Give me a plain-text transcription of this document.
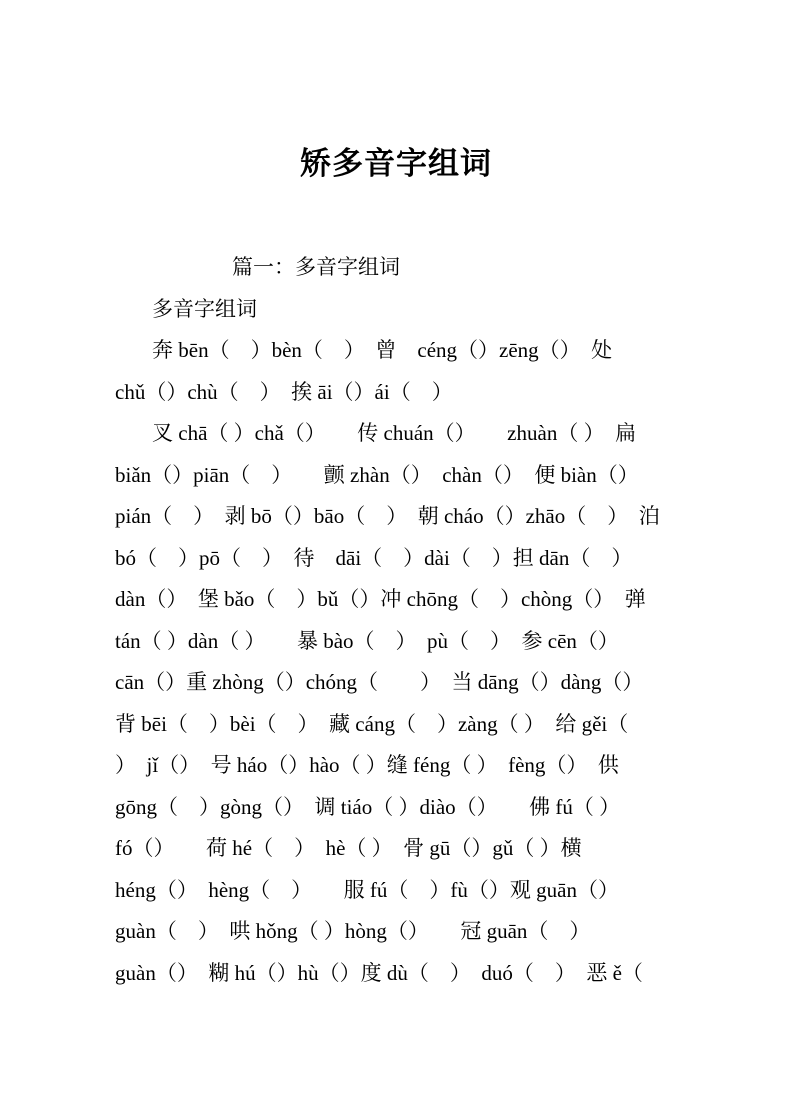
矫多音字组词
篇一：多音字组词
多音字组词
奔 bēn（　）bèn（　）　曾　céng（）zēng（）　处
chǔ（）chù（　）　挨 āi（）ái（　）
叉 chā（ ）chǎ（）　　传 chuán（）　　zhuàn（ ）　扁
biǎn（）piān（　）　　颤 zhàn（）　chàn（）　便 biàn（）
pián（　）　剥 bō（）bāo（　）　朝 cháo（）zhāo（　）　泊
bó（　）pō（　）　待　dāi（　）dài（　）担 dān（　）
dàn（）　堡 bǎo（　）bǔ（）冲 chōng（　）chòng（）　弹
tán（ ）dàn（ ）　　暴 bào（　）　pù（　）　参 cēn（）
cān（）重 zhòng（）chóng（　　）　当 dāng（）dàng（）
背 bēi（　）bèi（　）　藏 cáng（　）zàng（ ）　给 gěi（
）　jǐ（）　号 háo（）hào（ ）缝 féng（ ）　fèng（）　供
gōng（　）gòng（）　调 tiáo（ ）diào（）　　佛 fú（ ）
fó（）　　荷 hé（　）　hè（ ）　骨 gū（）gǔ（ ）横
héng（）　hèng（　）　　服 fú（　）fù（）观 guān（）
guàn（　）　哄 hǒng（ ）hòng（）　　冠 guān（　）
guàn（）　糊 hú（）hù（）度 dù（　）　duó（　）　恶 ě（
